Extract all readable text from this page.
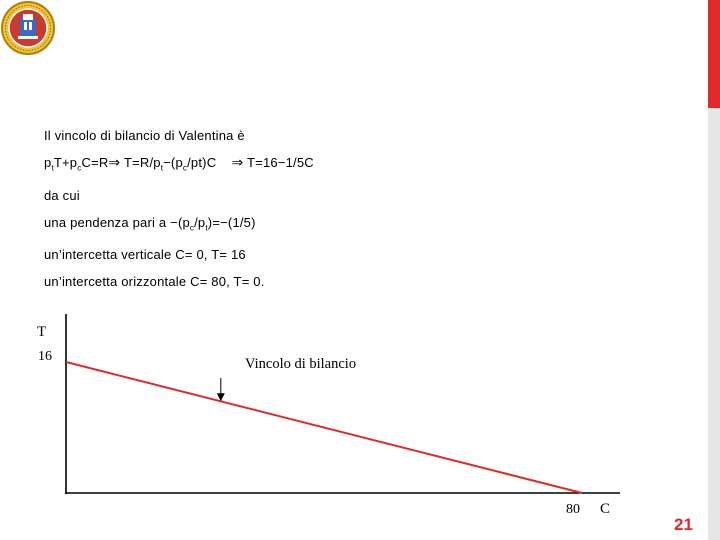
Il vincolo di bilancio di Valentina è
$p_tT+p_cC=R\Rightarrow$ $T=R/p_t-(p_c/pt)C$    ⇒ T=16−1/5C
da cui
una pendenza pari $a -(p_c/p_t)=-(1/5)$
un’intercetta verticale C= 0, T= 16
un’intercetta orizzontale C= 80, T= 0.
T
16
C
80
Vincolo di bilancio
21
